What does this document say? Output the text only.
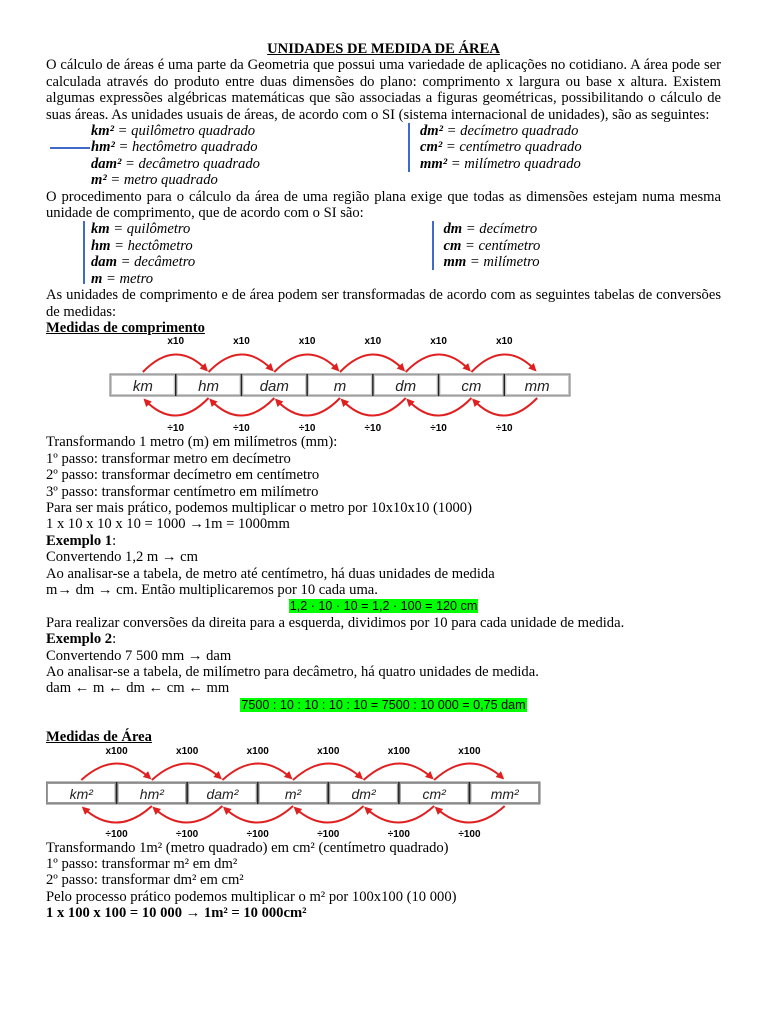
UNIDADES DE MEDIDA DE ÁREA
O cálculo de áreas é uma parte da Geometria que possui uma variedade de aplicações no cotidiano. A área pode ser calculada através do produto entre duas dimensões do plano: comprimento x largura ou base x altura. Existem algumas expressões algébricas matemáticas que são associadas a figuras geométricas, possibilitando o cálculo de suas áreas. As unidades usuais de áreas, de acordo com o SI (sistema internacional de unidades), são as seguintes:
km² = quilômetro quadrado
hm² = hectômetro quadrado
dam² = decâmetro quadrado
m² = metro quadrado
dm² = decímetro quadrado
cm² = centímetro quadrado
mm² = milímetro quadrado
O procedimento para o cálculo da área de uma região plana exige que todas as dimensões estejam numa mesma unidade de comprimento, que de acordo com o SI são:
km = quilômetro
hm = hectômetro
dam = decâmetro
m = metro
dm = decímetro
cm = centímetro
mm = milímetro
As unidades de comprimento e de área podem ser transformadas de acordo com as seguintes tabelas de conversões de medidas:
Medidas de comprimento
km	hm	dam	m	dm	cm	mm
x10
÷10
x10
÷10
x10
÷10
x10
÷10
x10
÷10
x10
÷10
Transformando 1 metro (m) em milímetros (mm):
1º passo: transformar metro em decímetro
2º passo: transformar decímetro em centímetro
3º passo: transformar centímetro em milímetro
Para ser mais prático, podemos multiplicar o metro por 10x10x10 (1000)
1 x 10 x 10 x 10 = 1000 →1m = 1000mm
Exemplo 1:
Convertendo 1,2 m → cm
Ao analisar-se a tabela, de metro até centímetro, há duas unidades de medida
m→ dm → cm. Então multiplicaremos por 10 cada uma.
1,2 · 10 · 10 = 1,2 · 100 = 120 cm
Para realizar conversões da direita para a esquerda, dividimos por 10 para cada unidade de medida.
Exemplo 2:
Convertendo 7 500 mm → dam
Ao analisar-se a tabela, de milímetro para decâmetro, há quatro unidades de medida.
dam ← m ← dm ← cm ← mm
7500 : 10 : 10 : 10 : 10 = 7500 : 10 000 = 0,75 dam
Medidas de Área
km²	hm²	dam²	m²	dm²	cm²	mm²
x100
÷100
x100
÷100
x100
÷100
x100
÷100
x100
÷100
x100
÷100
Transformando 1m² (metro quadrado) em cm² (centímetro quadrado)
1º passo: transformar m² em dm²
2º passo: transformar dm² em cm²
Pelo processo prático podemos multiplicar o m² por 100x100 (10 000)
1 x 100 x 100 = 10 000 → 1m² = 10 000cm²
